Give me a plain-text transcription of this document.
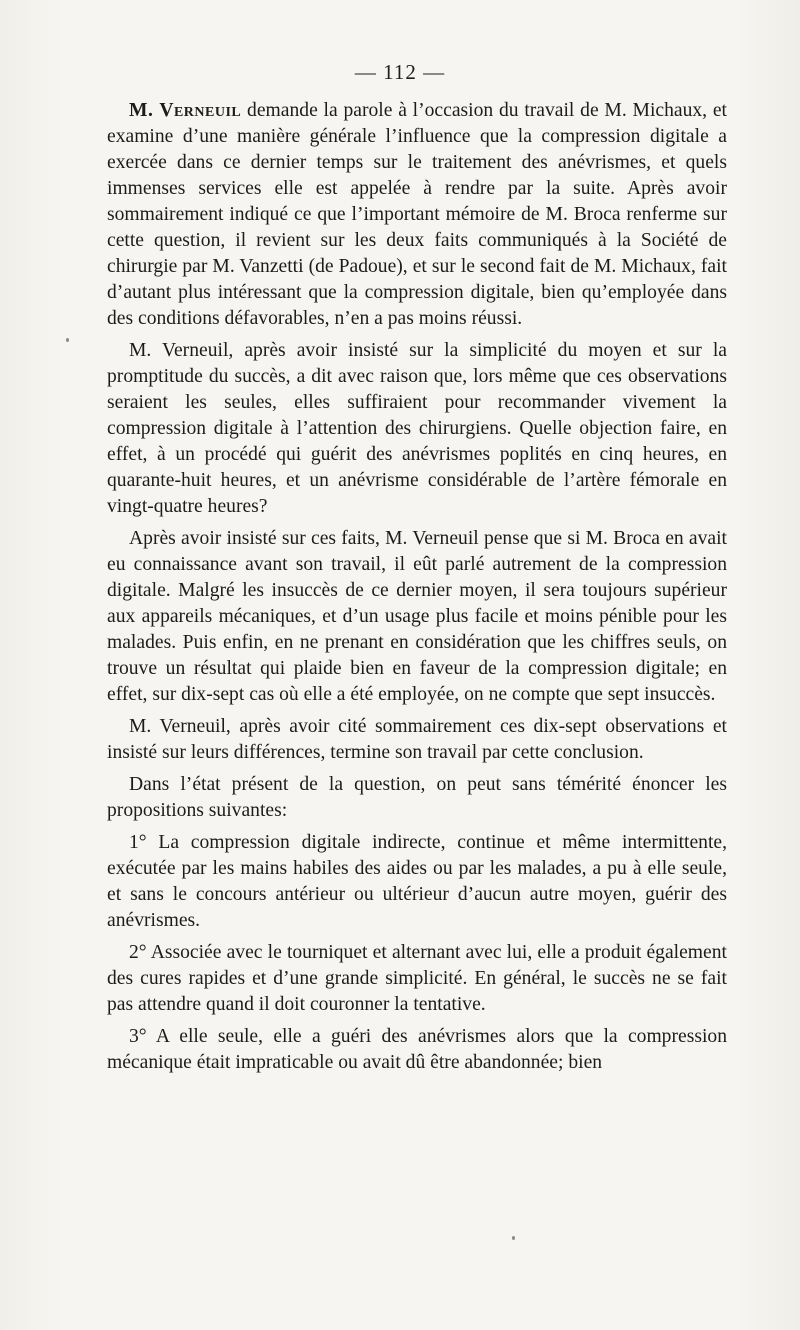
— 112 —

M. Verneuil demande la parole à l’occasion du travail de M. Michaux, et examine d’une manière générale l’influence que la compression digitale a exercée dans ce dernier temps sur le traitement des anévrismes, et quels immenses services elle est appelée à rendre par la suite. Après avoir sommairement indiqué ce que l’important mémoire de M. Broca renferme sur cette question, il revient sur les deux faits communiqués à la Société de chirurgie par M. Vanzetti (de Padoue), et sur le second fait de M. Michaux, fait d’autant plus intéressant que la compression digitale, bien qu’employée dans des conditions défavorables, n’en a pas moins réussi.

M. Verneuil, après avoir insisté sur la simplicité du moyen et sur la promptitude du succès, a dit avec raison que, lors même que ces observations seraient les seules, elles suffiraient pour recommander vivement la compression digitale à l’attention des chirurgiens. Quelle objection faire, en effet, à un procédé qui guérit des anévrismes poplités en cinq heures, en quarante-huit heures, et un anévrisme considérable de l’artère fémorale en vingt-quatre heures?

Après avoir insisté sur ces faits, M. Verneuil pense que si M. Broca en avait eu connaissance avant son travail, il eût parlé autrement de la compression digitale. Malgré les insuccès de ce dernier moyen, il sera toujours supérieur aux appareils mécaniques, et d’un usage plus facile et moins pénible pour les malades. Puis enfin, en ne prenant en considération que les chiffres seuls, on trouve un résultat qui plaide bien en faveur de la compression digitale; en effet, sur dix-sept cas où elle a été employée, on ne compte que sept insuccès.

M. Verneuil, après avoir cité sommairement ces dix-sept observations et insisté sur leurs différences, termine son travail par cette conclusion.

Dans l’état présent de la question, on peut sans témérité énoncer les propositions suivantes:

1° La compression digitale indirecte, continue et même intermittente, exécutée par les mains habiles des aides ou par les malades, a pu à elle seule, et sans le concours antérieur ou ultérieur d’aucun autre moyen, guérir des anévrismes.

2° Associée avec le tourniquet et alternant avec lui, elle a produit également des cures rapides et d’une grande simplicité. En général, le succès ne se fait pas attendre quand il doit couronner la tentative.

3° A elle seule, elle a guéri des anévrismes alors que la compression mécanique était impraticable ou avait dû être abandonnée; bien
